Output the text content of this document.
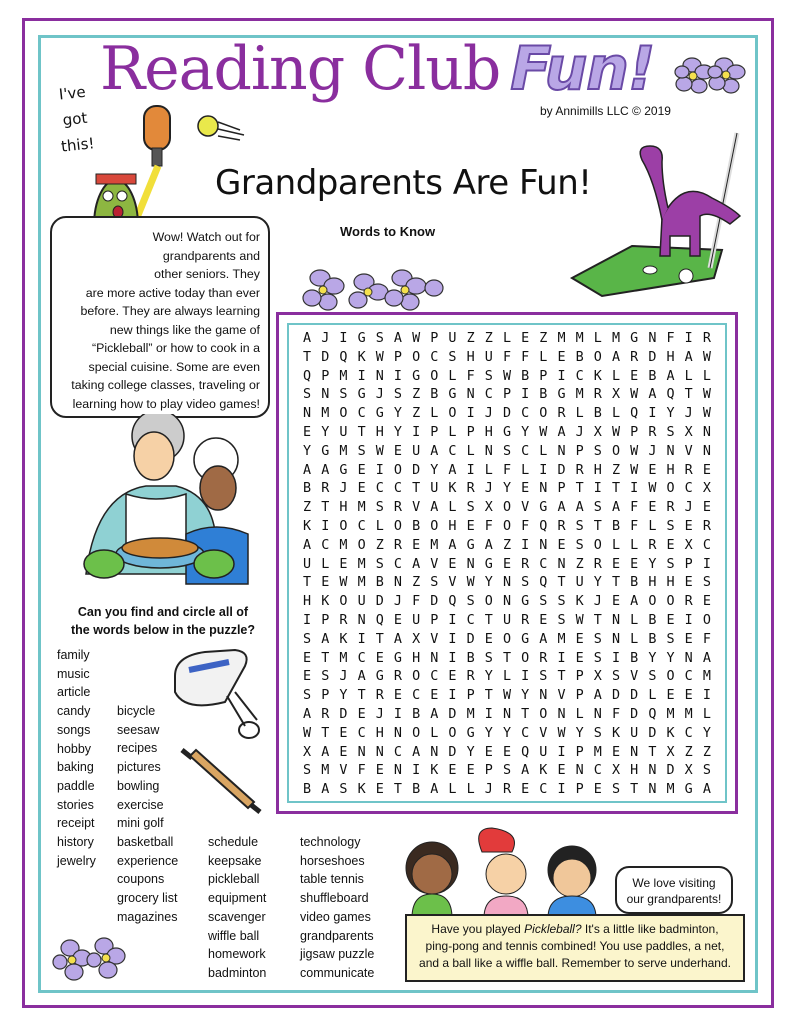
Reading Club Fun!
by Annimills LLC © 2019
I've
got
this!
Grandparents Are Fun!
Words to Know
Wow! Watch out for
grandparents and
other seniors. They
are more active today than ever
before. They are always learning
new things like the game of
“Pickleball” or how to cook in a
special cuisine. Some are even
taking college classes, traveling or
learning how to play video games!
A J I G S A W P U Z Z L E Z M M L M G N F I R
T D Q K W P O C S H U F F L E B O A R D H A W
Q P M I N I G O L F S W B P I C K L E B A L L
S N S G J S Z B G N C P I B G M R X W A Q T W
N M O C G Y Z L O I J D C O R L B L Q I Y J W
E Y U T H Y I P L P H G Y W A J X W P R S X N
Y G M S W E U A C L N S C L N P S O W J N V N
A A G E I O D Y A I L F L I D R H Z W E H R E
B R J E C C T U K R J Y E N P T I T I W O C X
Z T H M S R V A L S X O V G A A S A F E R J E
K I O C L O B O H E F O F Q R S T B F L S E R
A C M O Z R E M A G A Z I N E S O L L R E X C
U L E M S C A V E N G E R C N Z R E E Y S P I
T E W M B N Z S V W Y N S Q T U Y T B H H E S
H K O U D J F D Q S O N G S S K J E A O O R E
I P R N Q E U P I C T U R E S W T N L B E I O
S A K I T A X V I D E O G A M E S N L B S E F
E T M C E G H N I B S T O R I E S I B Y Y N A
E S J A G R O C E R Y L I S T P X S V S O C M
S P Y T R E C E I P T W Y N V P A D D L E E I
A R D E J I B A D M I N T O N L N F D Q M M L
W T E C H N O L O G Y Y C V W Y S K U D K C Y
X A E N N C A N D Y E E Q U I P M E N T X Z Z
S M V F E N I K E E P S A K E N C X H N D X S
B A S K E T B A L L J R E C I P E S T N M G A
Can you find and circle all of
the words below in the puzzle?
family
music
article
candy
songs
hobby
baking
paddle
stories
receipt
history
jewelry
bicycle
seesaw
recipes
pictures
bowling
exercise
mini golf
basketball
experience
coupons
grocery list
magazines
schedule
keepsake
pickleball
equipment
scavenger
wiffle ball
homework
badminton
technology
horseshoes
table tennis
shuffleboard
video games
grandparents
jigsaw puzzle
communicate
We love visiting
our grandparents!
Have you played Pickleball? It's a little like badminton,
ping-pong and tennis combined! You use paddles, a net,
and a ball like a wiffle ball. Remember to serve underhand.
